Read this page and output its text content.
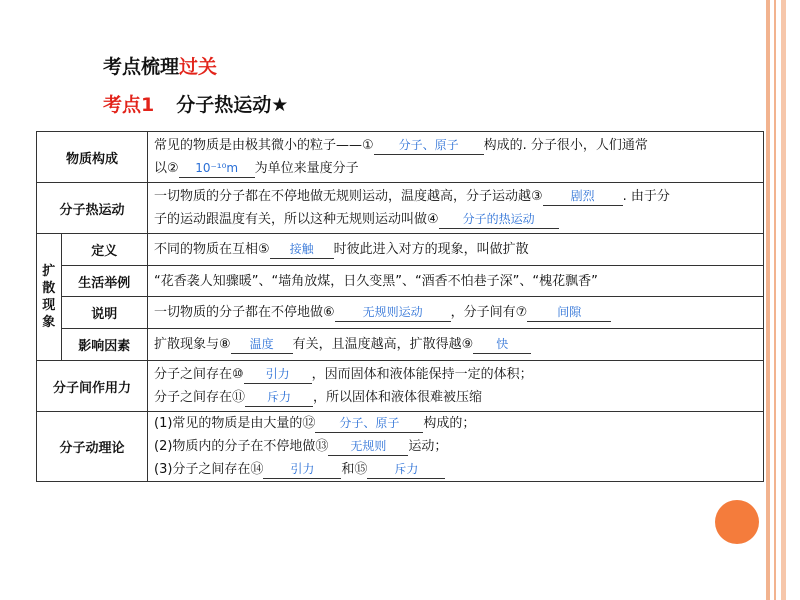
考点梳理过关
考点1 分子热运动★
物质构成		常见的物质是由极其微小的粒子——① 分子、原子 构成的. 分子很小，人们通常
以② 10⁻¹⁰m 为单位来量度分子

分子热运动		一切物质的分子都在不停地做无规则运动，温度越高，分子运动越③ 剧烈 . 由于分
子的运动跟温度有关，所以这种无规则运动叫做④ 分子的热运动

扩
散
现
象	定义	不同的物质在互相⑤ 接触 时彼此进入对方的现象，叫做扩散

	生活举例	“花香袭人知骤暖”、“墙角放煤，日久变黑”、“酒香不怕巷子深”、“槐花飘香”

	说明	一切物质的分子都在不停地做⑥ 无规则运动 ，分子间有⑦ 间隙

	影响因素	扩散现象与⑧ 温度 有关，且温度越高，扩散得越⑨ 快

分子间作用力		分子之间存在⑩ 引力 ，因而固体和液体能保持一定的体积；
分子之间存在⑪ 斥力 ，所以固体和液体很难被压缩

分子动理论		(1)常见的物质是由大量的⑫ 分子、原子 构成的；
(2)物质内的分子在不停地做⑬ 无规则 运动；
(3)分子之间存在⑭ 引力 和⑮ 斥力
